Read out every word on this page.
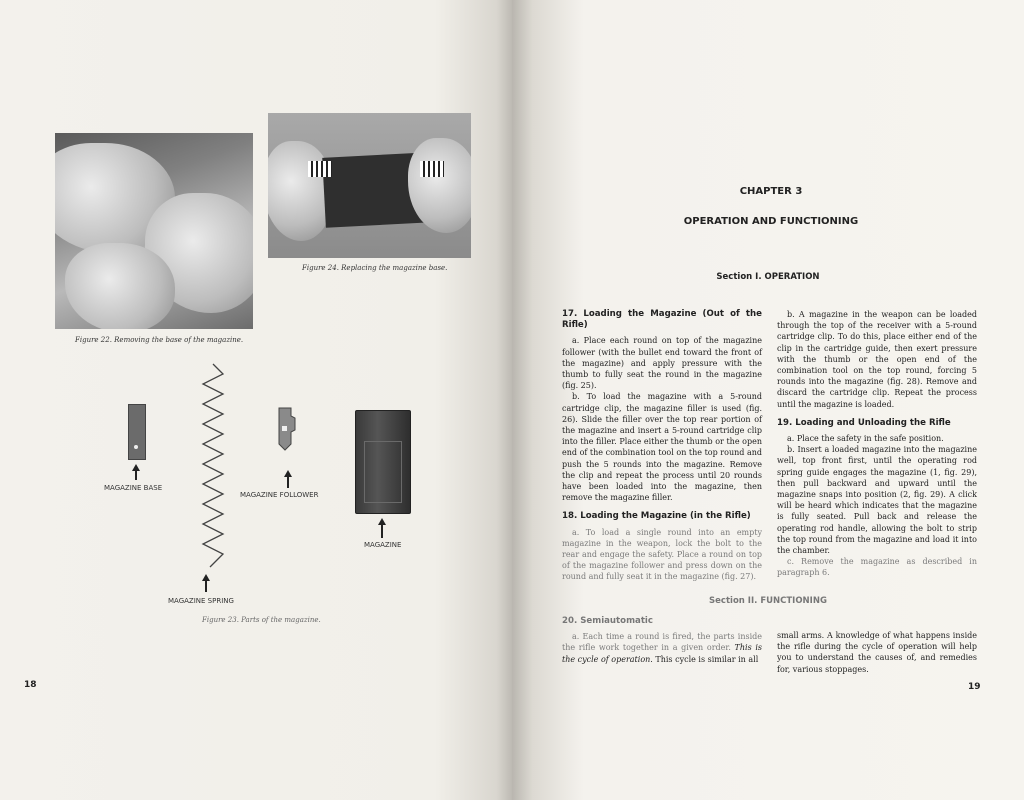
Figure 24. Replacing the magazine base.
Figure 22. Removing the base of the magazine.
MAGAZINE BASE
MAGAZINE SPRING
MAGAZINE FOLLOWER
MAGAZINE
Figure 23. Parts of the magazine.
18
CHAPTER 3
OPERATION AND FUNCTIONING
Section I. OPERATION
17. Loading the Magazine (Out of the Rifle)

a. Place each round on top of the magazine follower (with the bullet end toward the front of the magazine) and apply pressure with the thumb to fully seat the round in the magazine (fig. 25).

b. To load the magazine with a 5-round cartridge clip, the magazine filler is used (fig. 26). Slide the filler over the top rear portion of the magazine and insert a 5-round cartridge clip into the filler. Place either the thumb or the open end of the combination tool on the top round and push the 5 rounds into the magazine. Remove the clip and repeat the process until 20 rounds have been loaded into the magazine, then remove the magazine filler.

18. Loading the Magazine (in the Rifle)

a. To load a single round into an empty magazine in the weapon, lock the bolt to the rear and engage the safety. Place a round on top of the magazine follower and press down on the round and fully seat it in the magazine (fig. 27).

b. A magazine in the weapon can be loaded through the top of the receiver with a 5-round cartridge clip. To do this, place either end of the clip in the cartridge guide, then exert pressure with the thumb or the open end of the combination tool on the top round, forcing 5 rounds into the magazine (fig. 28). Remove and discard the cartridge clip. Repeat the process until the magazine is loaded.

19. Loading and Unloading the Rifle

a. Place the safety in the safe position.

b. Insert a loaded magazine into the magazine well, top front first, until the operating rod spring guide engages the magazine (1, fig. 29), then pull backward and upward until the magazine snaps into position (2, fig. 29). A click will be heard which indicates that the magazine is fully seated. Pull back and release the operating rod handle, allowing the bolt to strip the top round from the magazine and load it into the chamber.

c. Remove the magazine as described in paragraph 6.

Section II. FUNCTIONING
20. Semiautomatic

a. Each time a round is fired, the parts inside the rifle work together in a given order. This is the cycle of operation. This cycle is similar in all

small arms. A knowledge of what happens inside the rifle during the cycle of operation will help you to understand the causes of, and remedies for, various stoppages.

19
